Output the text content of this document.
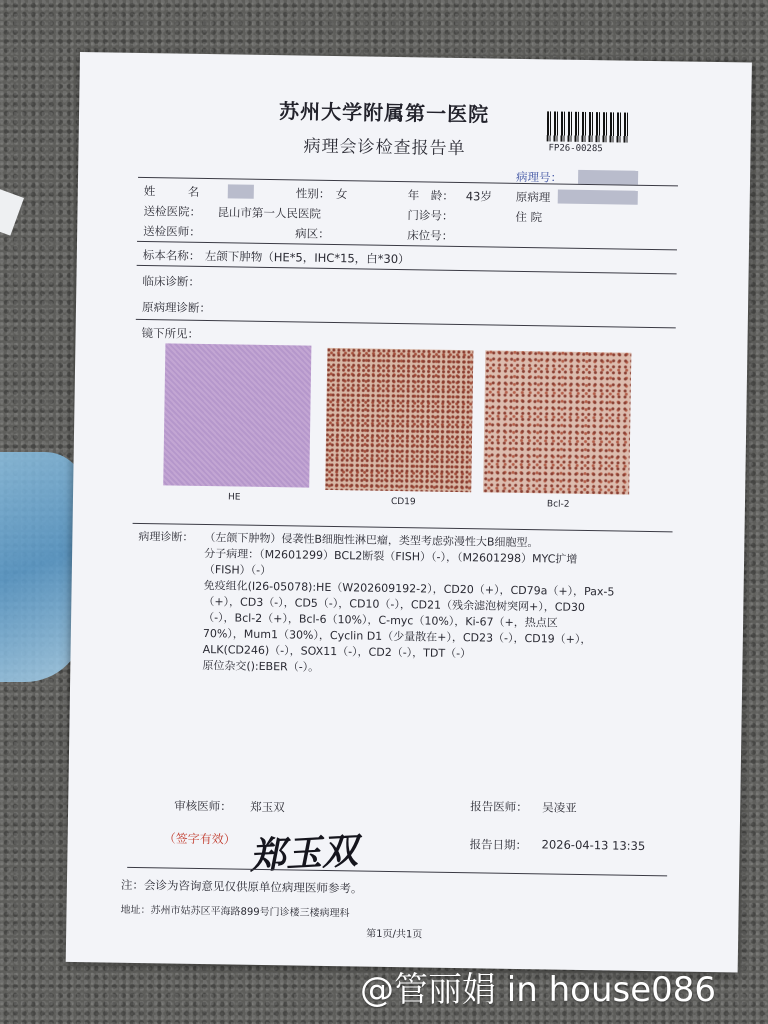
苏州大学附属第一医院
病理会诊检查报告单	FP26-00285
病理号：
姓	名	性别： 女	年　龄： 43岁 原病理
送检医院： 昆山市第一人民医院	门诊号：	住 院
送检医师：	病区：	床位号：
标本名称： 左颌下肿物（HE*5，IHC*15，白*30）
临床诊断：
原病理诊断：
镜下所见：
HE	CD19	Bcl-2
病理诊断： （左颌下肿物）侵袭性B细胞性淋巴瘤，类型考虑弥漫性大B细胞型。
分子病理：（M2601299）BCL2断裂（FISH）（-），（M2601298）MYC扩增
（FISH）（-）
免疫组化(I26-05078):HE（W202609192-2），CD20（+），CD79a（+），Pax-5
（+），CD3（-），CD5（-），CD10（-），CD21（残余滤泡树突网+），CD30
（-），Bcl-2（+），Bcl-6（10%），C-myc（10%），Ki-67（+，热点区
70%），Mum1（30%），Cyclin D1（少量散在+），CD23（-），CD19（+），
ALK(CD246)（-），SOX11（-），CD2（-），TDT（-）
原位杂交():EBER（-）。
审核医师： 郑玉双	报告医师： 吴凌亚
（签字有效） 郑玉双	报告日期： 2026-04-13 13:35
注：会诊为咨询意见仅供原单位病理医师参考。
地址：苏州市姑苏区平海路899号门诊楼三楼病理科
第1页/共1页
@管丽娟 in house086
